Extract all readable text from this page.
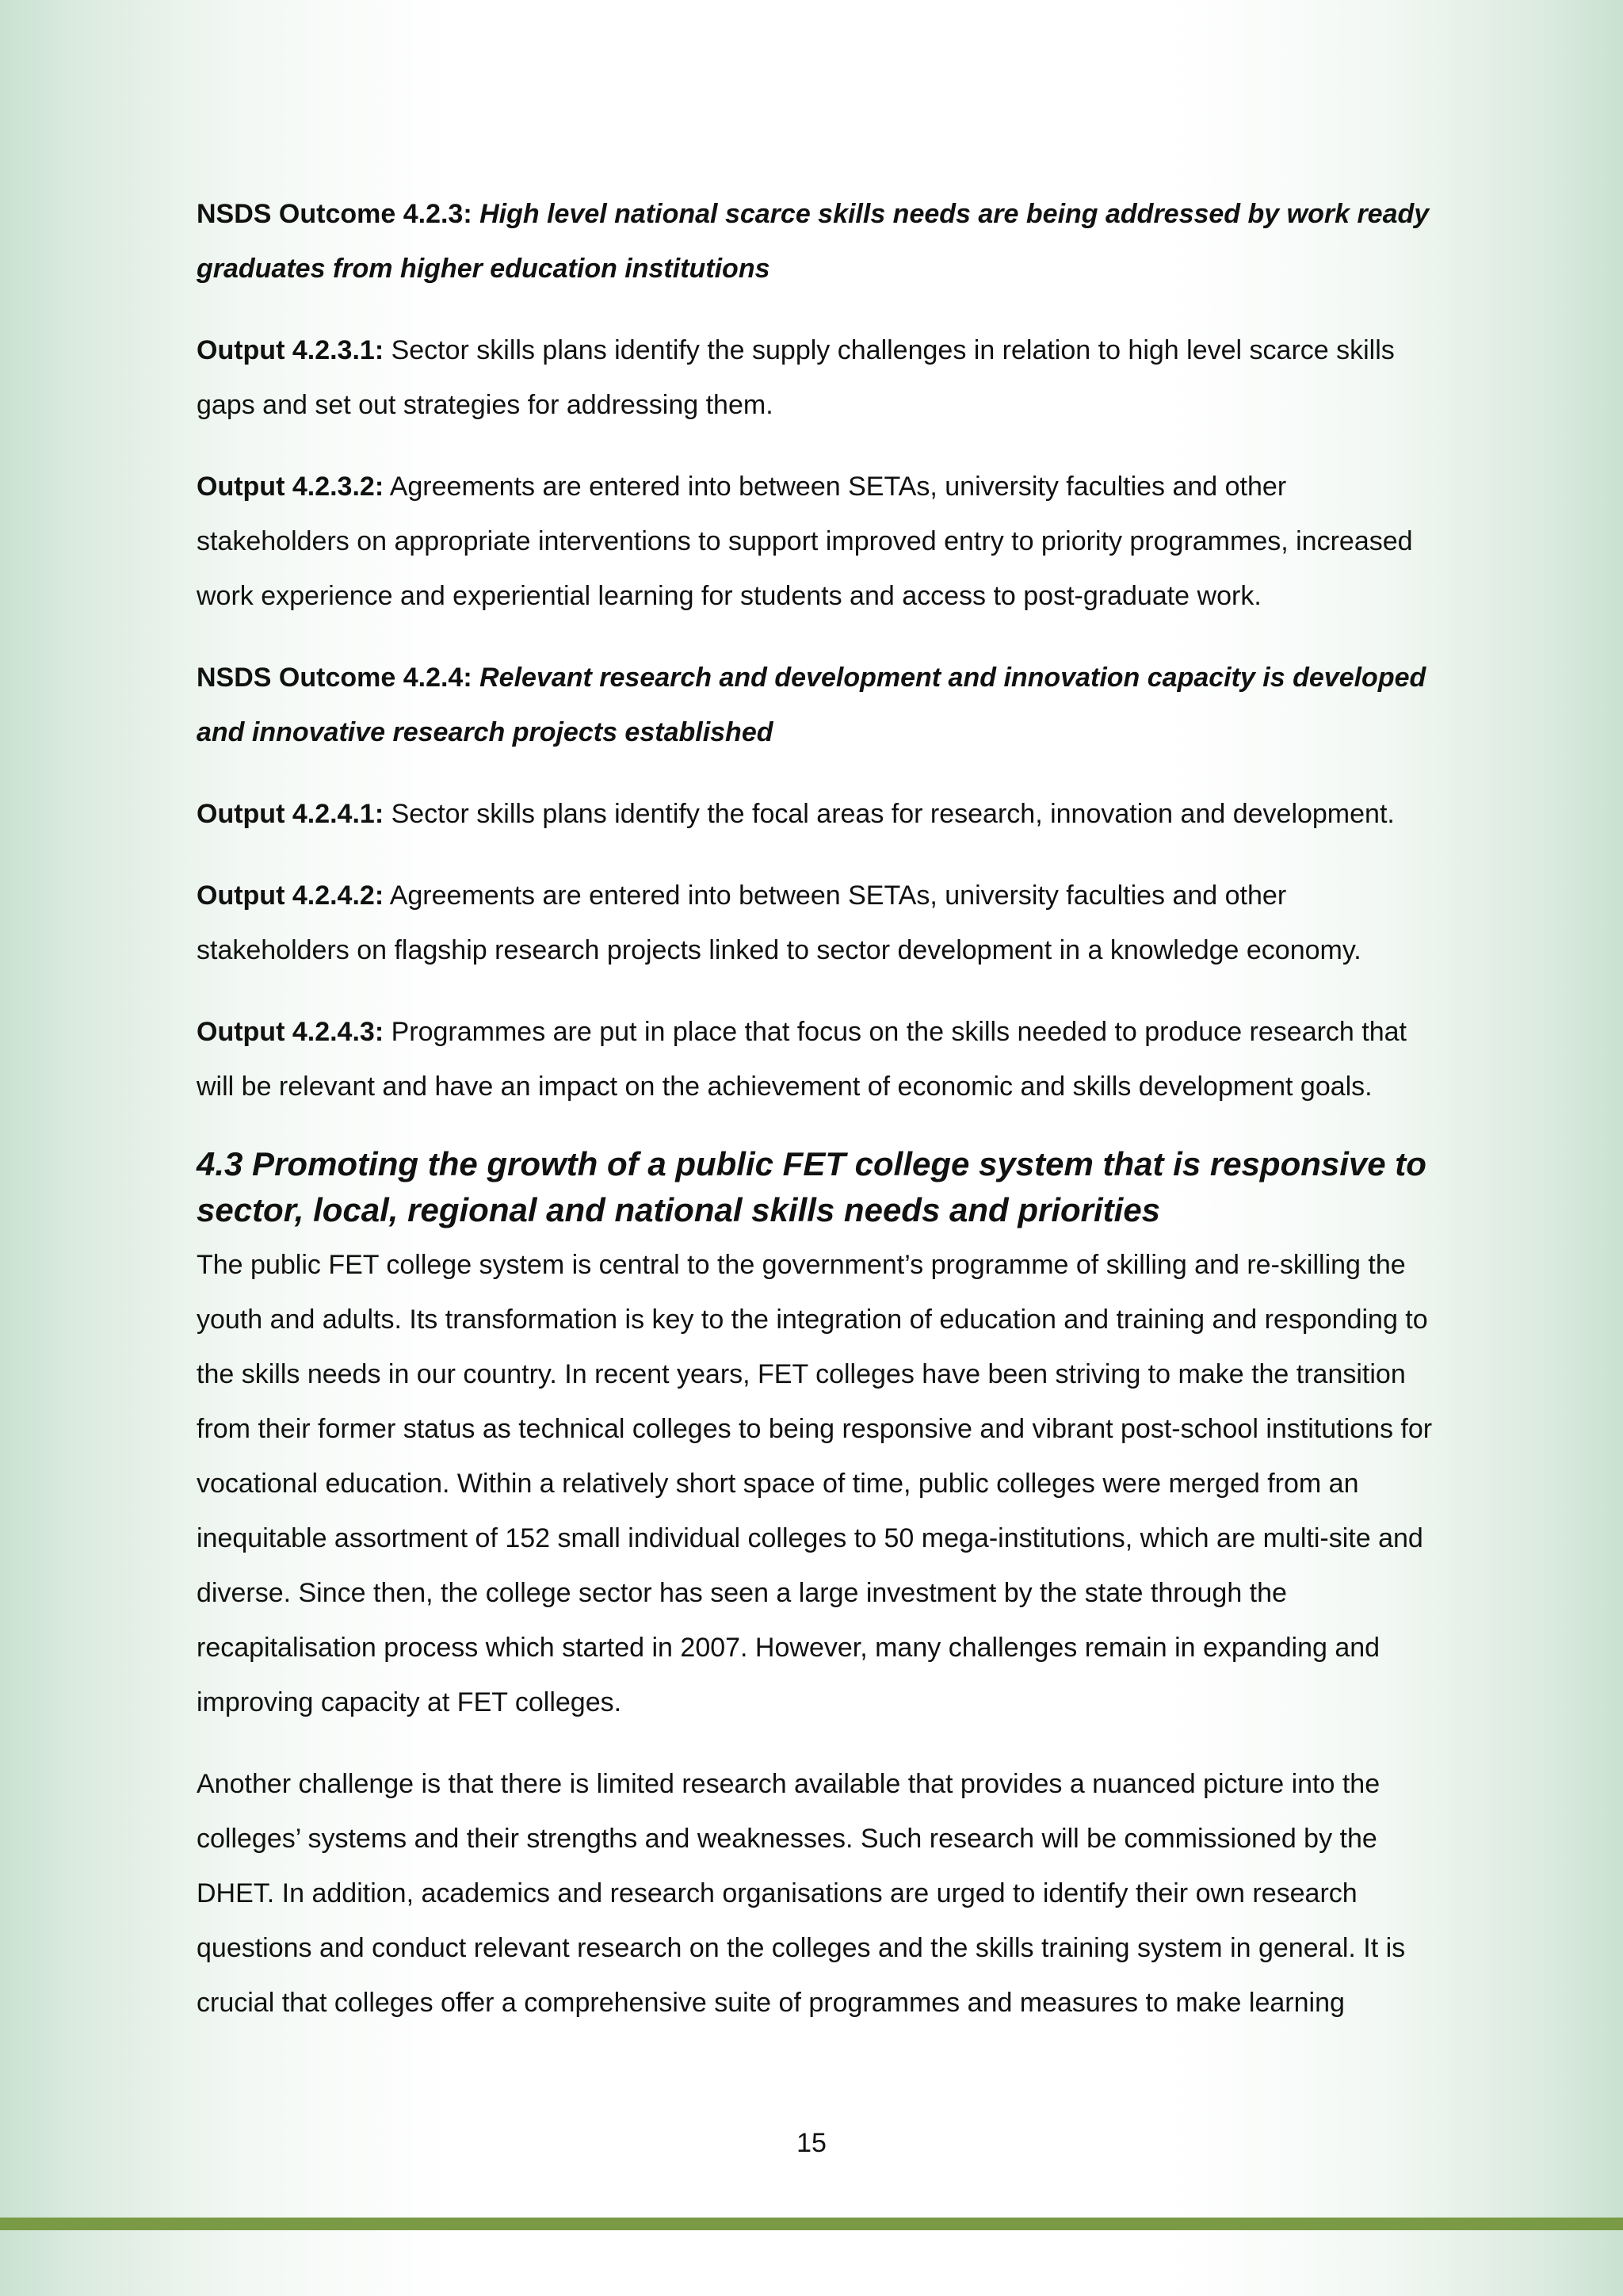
NSDS Outcome 4.2.3: High level national scarce skills needs are being addressed by work ready graduates from higher education institutions

Output 4.2.3.1: Sector skills plans identify the supply challenges in relation to high level scarce skills gaps and set out strategies for addressing them.

Output 4.2.3.2: Agreements are entered into between SETAs, university faculties and other stakeholders on appropriate interventions to support improved entry to priority programmes, increased work experience and experiential learning for students and access to post-graduate work.

NSDS Outcome 4.2.4: Relevant research and development and innovation capacity is developed and innovative research projects established

Output 4.2.4.1: Sector skills plans identify the focal areas for research, innovation and development.

Output 4.2.4.2: Agreements are entered into between SETAs, university faculties and other stakeholders on flagship research projects linked to sector development in a knowledge economy.

Output 4.2.4.3: Programmes are put in place that focus on the skills needed to produce research that will be relevant and have an impact on the achievement of economic and skills development goals.

4.3 Promoting the growth of a public FET college system that is responsive to sector, local, regional and national skills needs and priorities

The public FET college system is central to the government’s programme of skilling and re-skilling the youth and adults. Its transformation is key to the integration of education and training and responding to the skills needs in our country. In recent years, FET colleges have been striving to make the transition from their former status as technical colleges to being responsive and vibrant post-school institutions for vocational education. Within a relatively short space of time, public colleges were merged from an inequitable assortment of 152 small individual colleges to 50 mega-institutions, which are multi-site and diverse. Since then, the college sector has seen a large investment by the state through the recapitalisation process which started in 2007. However, many challenges remain in expanding and improving capacity at FET colleges.

Another challenge is that there is limited research available that provides a nuanced picture into the colleges’ systems and their strengths and weaknesses. Such research will be commissioned by the DHET. In addition, academics and research organisations are urged to identify their own research questions and conduct relevant research on the colleges and the skills training system in general. It is crucial that colleges offer a comprehensive suite of programmes and measures to make learning

15
